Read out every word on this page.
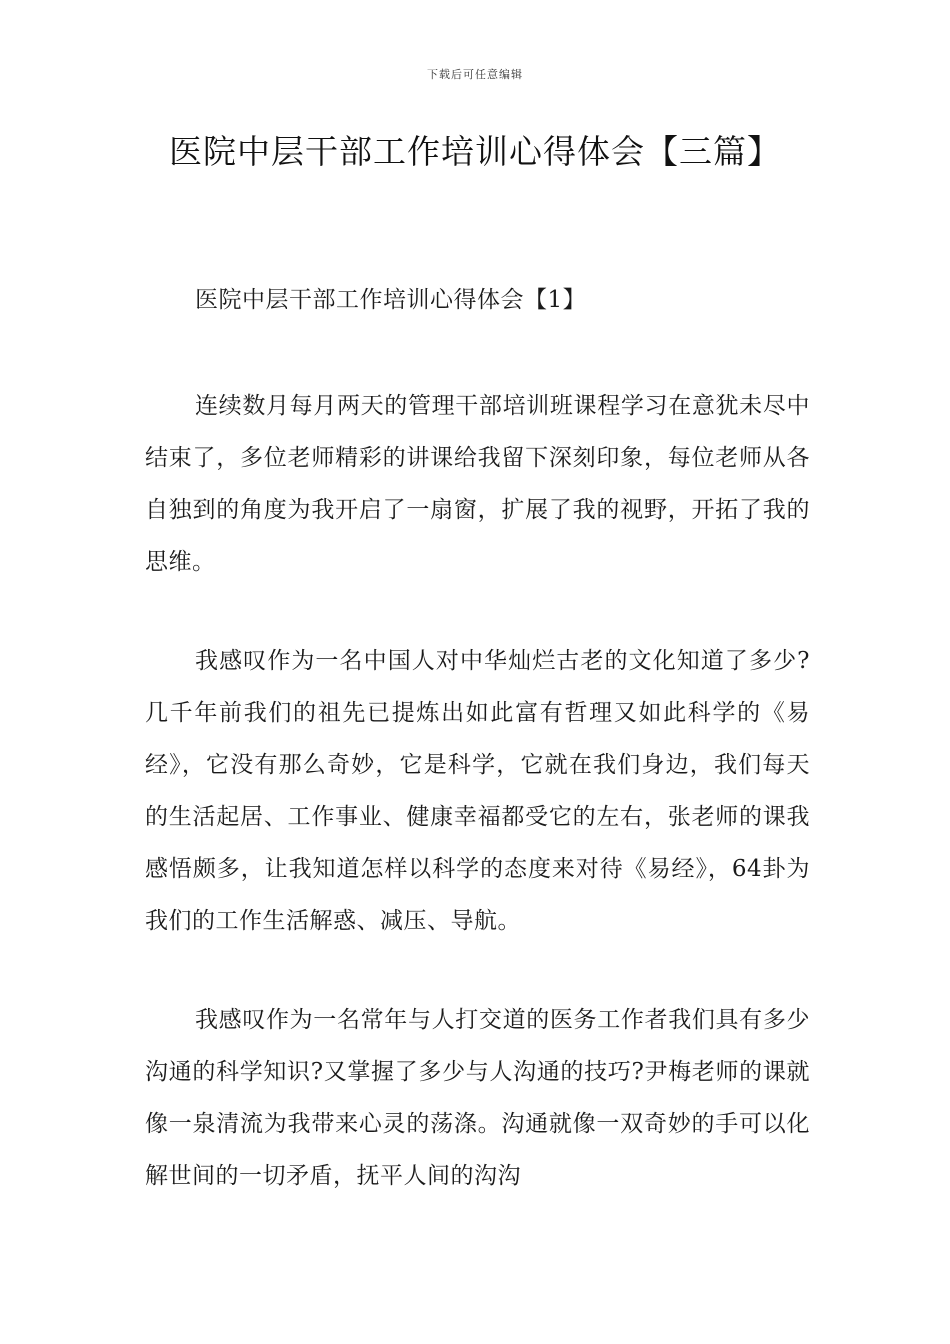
下载后可任意编辑
医院中层干部工作培训心得体会【三篇】

医院中层干部工作培训心得体会【1】

连续数月每月两天的管理干部培训班课程学习在意犹未尽中结束了，多位老师精彩的讲课给我留下深刻印象，每位老师从各自独到的角度为我开启了一扇窗，扩展了我的视野，开拓了我的思维。

我感叹作为一名中国人对中华灿烂古老的文化知道了多少?几千年前我们的祖先已提炼出如此富有哲理又如此科学的《易经》，它没有那么奇妙，它是科学，它就在我们身边，我们每天的生活起居、工作事业、健康幸福都受它的左右，张老师的课我感悟颇多，让我知道怎样以科学的态度来对待《易经》，64卦为我们的工作生活解惑、减压、导航。

我感叹作为一名常年与人打交道的医务工作者我们具有多少沟通的科学知识?又掌握了多少与人沟通的技巧?尹梅老师的课就像一泉清流为我带来心灵的荡涤。沟通就像一双奇妙的手可以化解世间的一切矛盾，抚平人间的沟沟
